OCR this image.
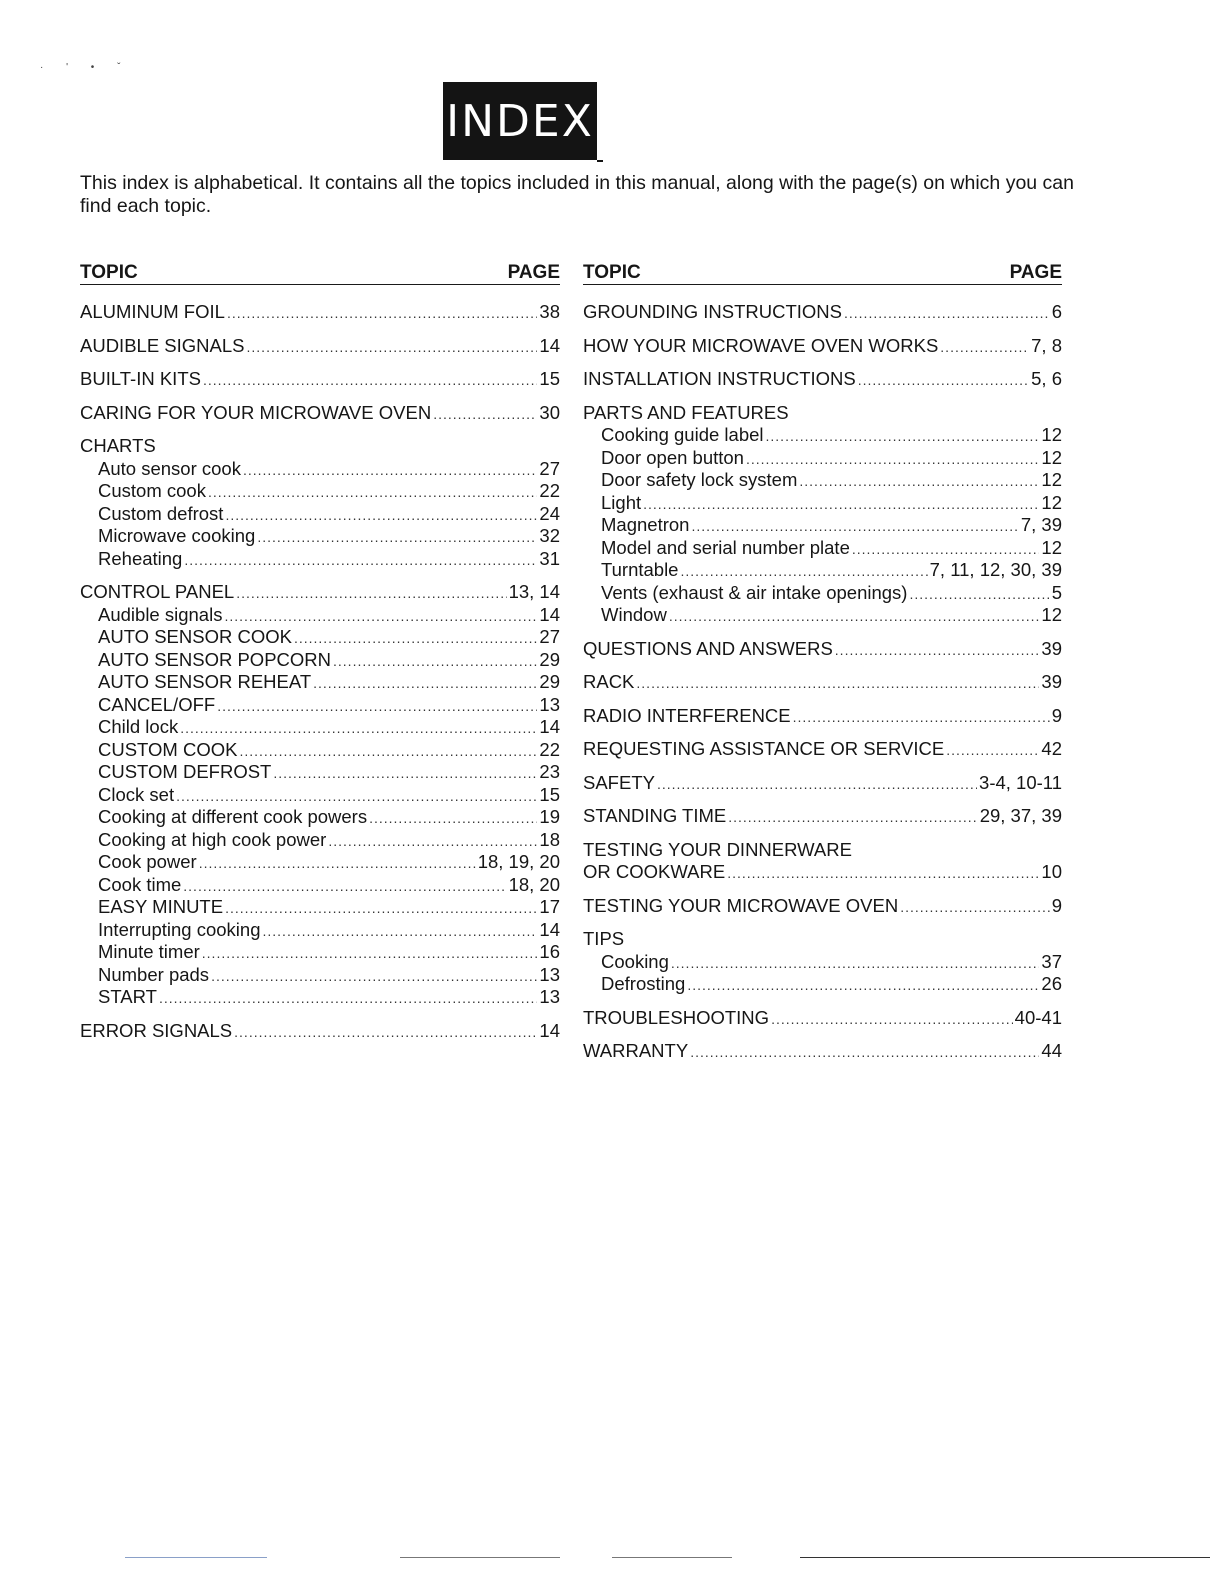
· ' • ˇ
INDEX
This index is alphabetical. It contains all the topics included in this manual, along with the page(s) on which you can find each topic.
TOPIC	PAGE
ALUMINUM FOIL .....	38
AUDIBLE SIGNALS .....	14
BUILT-IN KITS .....	15
CARING FOR YOUR MICROWAVE OVEN .....	30
CHARTS
Auto sensor cook .....	27
Custom cook .....	22
Custom defrost .....	24
Microwave cooking .....	32
Reheating .....	31
CONTROL PANEL .....	13, 14
Audible signals .....	14
AUTO SENSOR COOK .....	27
AUTO SENSOR POPCORN .....	29
AUTO SENSOR REHEAT .....	29
CANCEL/OFF .....	13
Child lock .....	14
CUSTOM COOK .....	22
CUSTOM DEFROST .....	23
Clock set .....	15
Cooking at different cook powers .....	19
Cooking at high cook power .....	18
Cook power .....	18, 19, 20
Cook time .....	18, 20
EASY MINUTE .....	17
Interrupting cooking .....	14
Minute timer .....	16
Number pads .....	13
START .....	13
ERROR SIGNALS .....	14
TOPIC	PAGE
GROUNDING INSTRUCTIONS .....	6
HOW YOUR MICROWAVE OVEN WORKS .....	7, 8
INSTALLATION INSTRUCTIONS .....	5, 6
PARTS AND FEATURES
Cooking guide label .....	12
Door open button .....	12
Door safety lock system .....	12
Light .....	12
Magnetron .....	7, 39
Model and serial number plate .....	12
Turntable .....	7, 11, 12, 30, 39
Vents (exhaust & air intake openings) .....	5
Window .....	12
QUESTIONS AND ANSWERS .....	39
RACK .....	39
RADIO INTERFERENCE .....	9
REQUESTING ASSISTANCE OR SERVICE .....	42
SAFETY .....	3-4, 10-11
STANDING TIME .....	29, 37, 39
TESTING YOUR DINNERWARE
OR COOKWARE .....	10
TESTING YOUR MICROWAVE OVEN .....	9
TIPS
Cooking .....	37
Defrosting .....	26
TROUBLESHOOTING .....	40-41
WARRANTY .....	44
